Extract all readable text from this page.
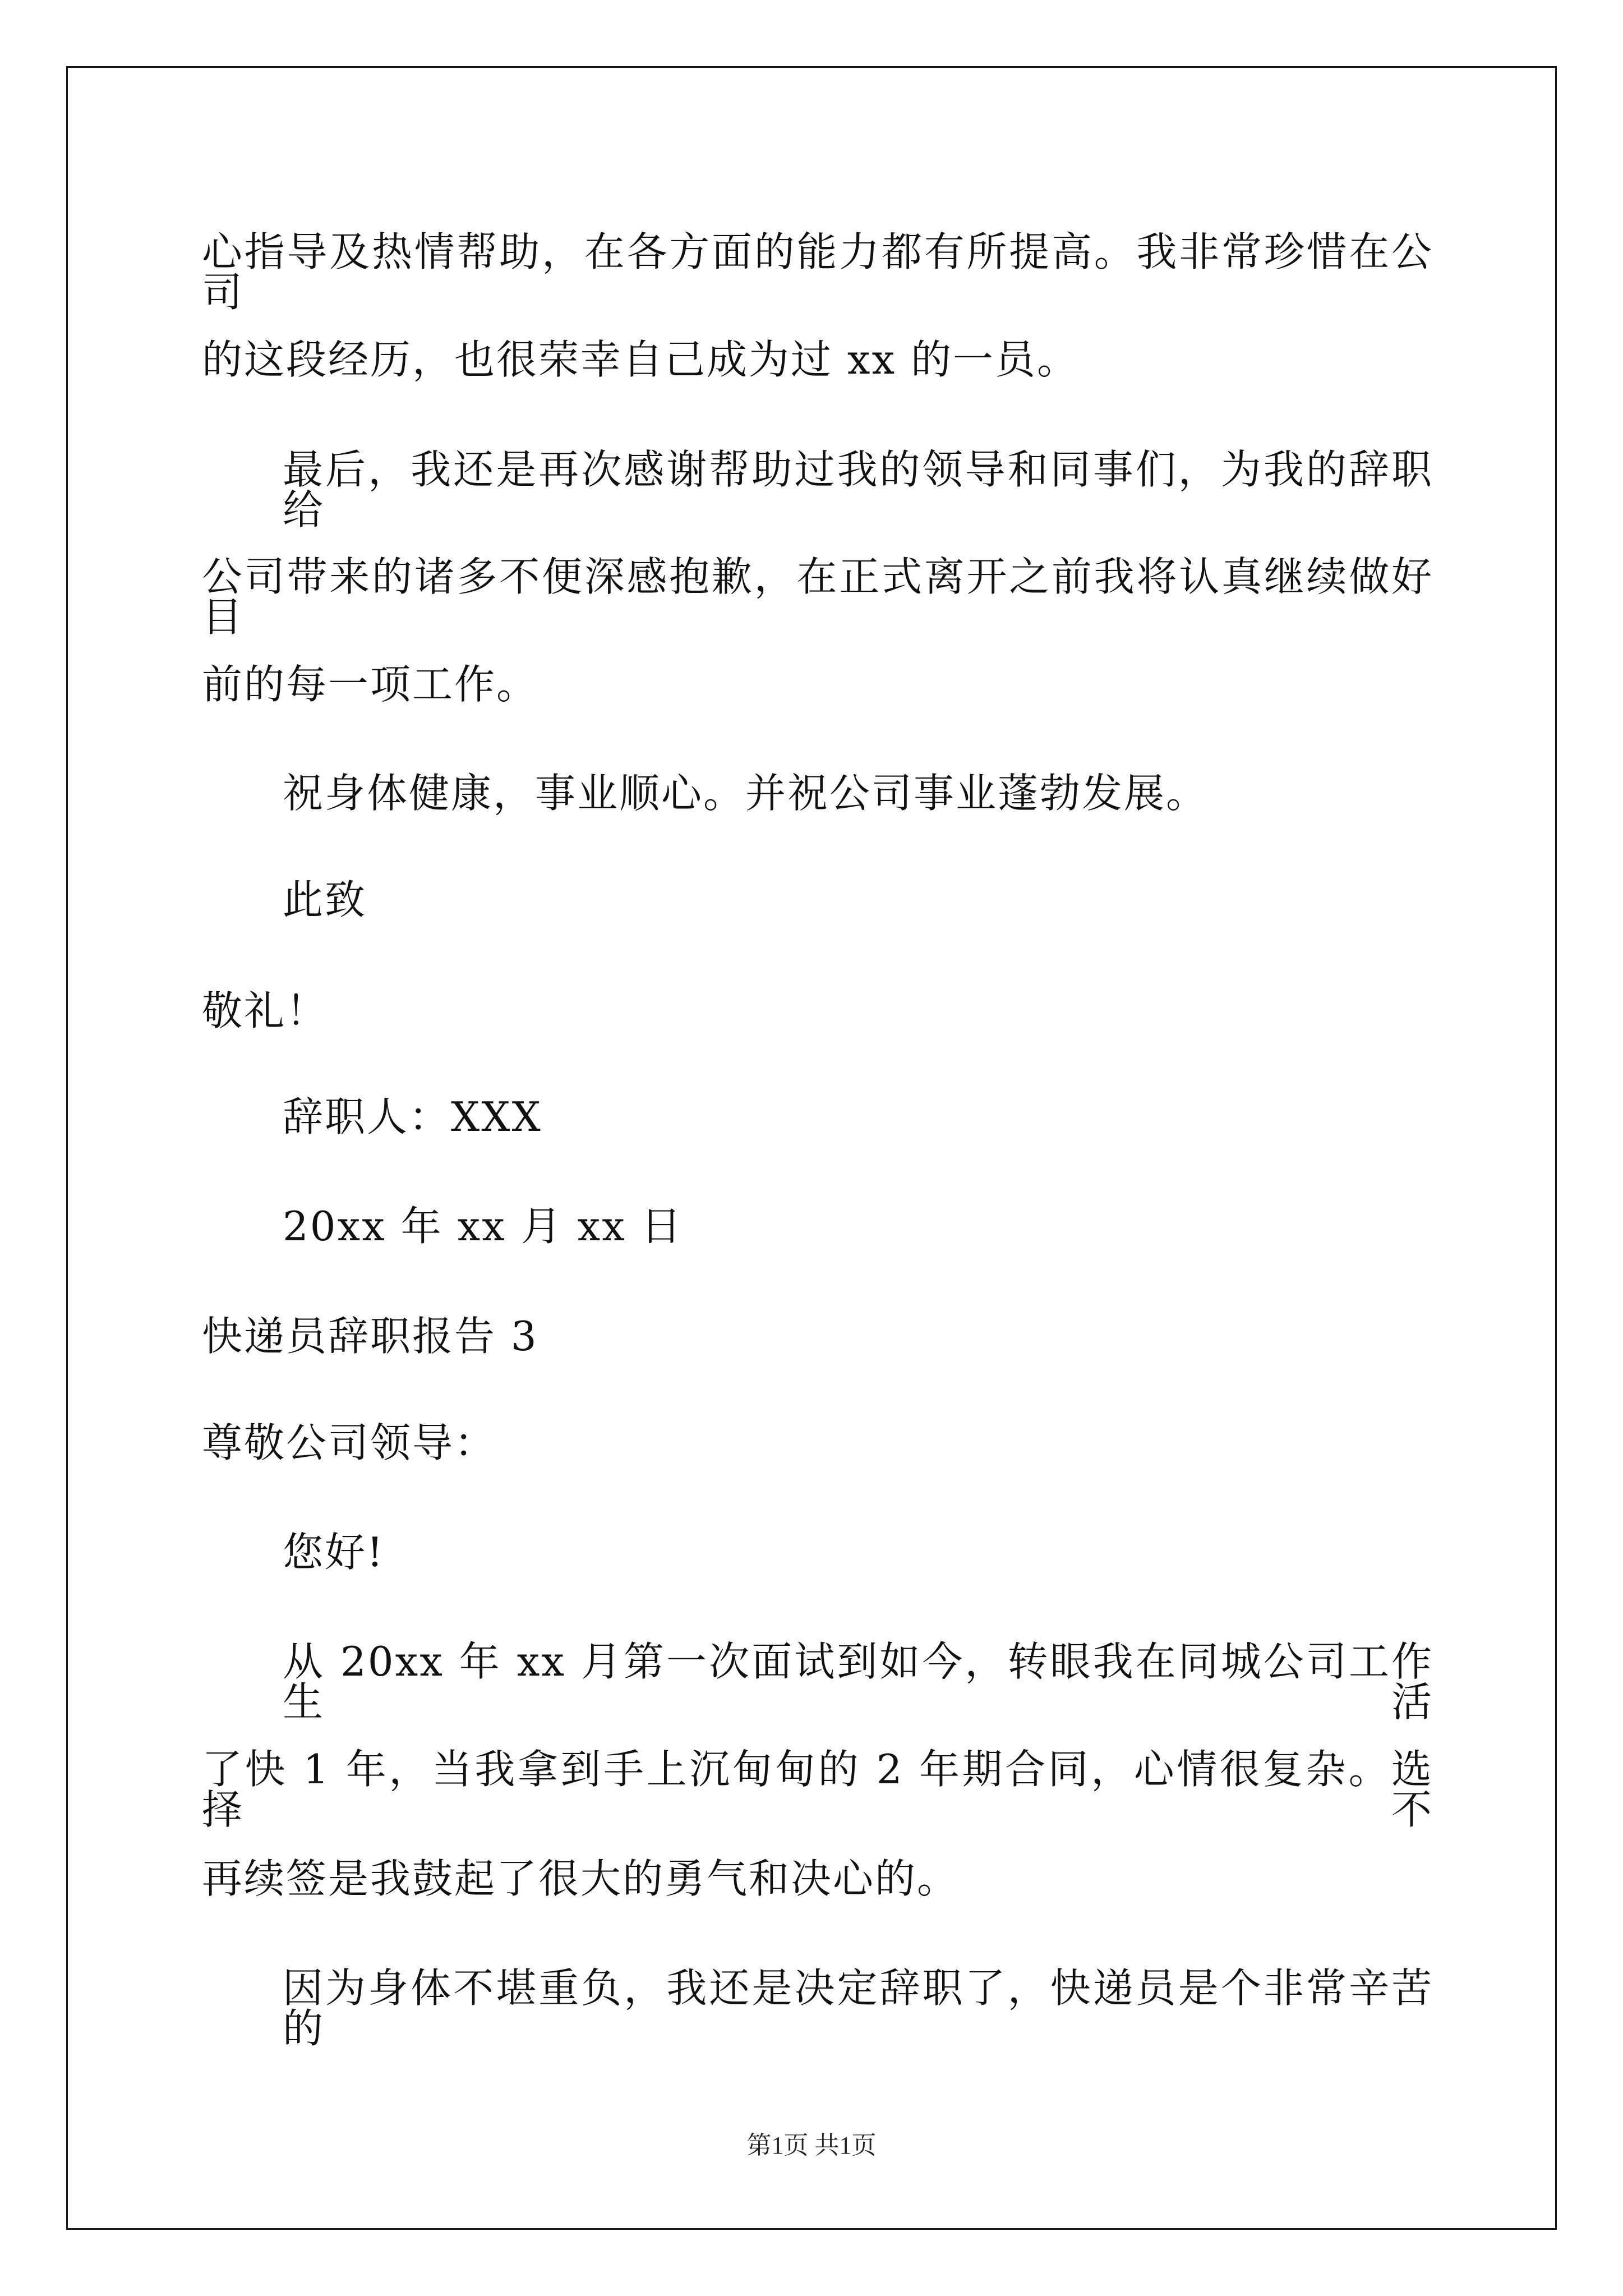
心指导及热情帮助，在各方面的能力都有所提高。我非常珍惜在公司
的这段经历，也很荣幸自己成为过 xx 的一员。
最后，我还是再次感谢帮助过我的领导和同事们，为我的辞职给
公司带来的诸多不便深感抱歉，在正式离开之前我将认真继续做好目
前的每一项工作。
祝身体健康，事业顺心。并祝公司事业蓬勃发展。
此致
敬礼！
辞职人：XXX
20xx 年 xx 月 xx 日
快递员辞职报告 3
尊敬公司领导：
您好!
从 20xx 年 xx 月第一次面试到如今，转眼我在同城公司工作生活
了快 1 年，当我拿到手上沉甸甸的 2 年期合同，心情很复杂。选择不
再续签是我鼓起了很大的勇气和决心的。
因为身体不堪重负，我还是决定辞职了，快递员是个非常辛苦的
第1页 共1页
